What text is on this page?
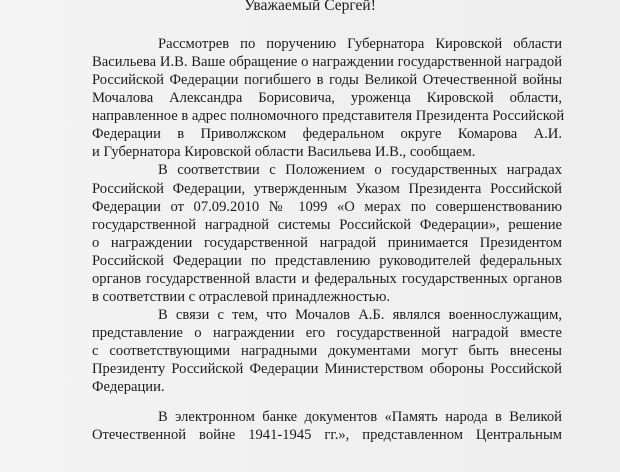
Уважаемый Сергей!

Рассмотрев по поручению Губернатора Кировской области

Васильева И.В. Ваше обращение о награждении государственной наградой

Российской Федерации погибшего в годы Великой Отечественной войны

Мочалова Александра Борисовича, уроженца Кировской области,

направленное в адрес полномочного представителя Президента Российской

Федерации в Приволжском федеральном округе Комарова А.И.

и Губернатора Кировской области Васильева И.В., сообщаем.

В соответствии с Положением о государственных наградах

Российской Федерации, утвержденным Указом Президента Российской

Федерации от 07.09.2010 № 1099 «О мерах по совершенствованию

государственной наградной системы Российской Федерации», решение

о награждении государственной наградой принимается Президентом

Российской Федерации по представлению руководителей федеральных

органов государственной власти и федеральных государственных органов

в соответствии с отраслевой принадлежностью.

В связи с тем, что Мочалов А.Б. являлся военнослужащим,

представление о награждении его государственной наградой вместе

с соответствующими наградными документами могут быть внесены

Президенту Российской Федерации Министерством обороны Российской

Федерации.

В электронном банке документов «Память народа в Великой

Отечественной войне 1941-1945 гг.», представленном Центральным
